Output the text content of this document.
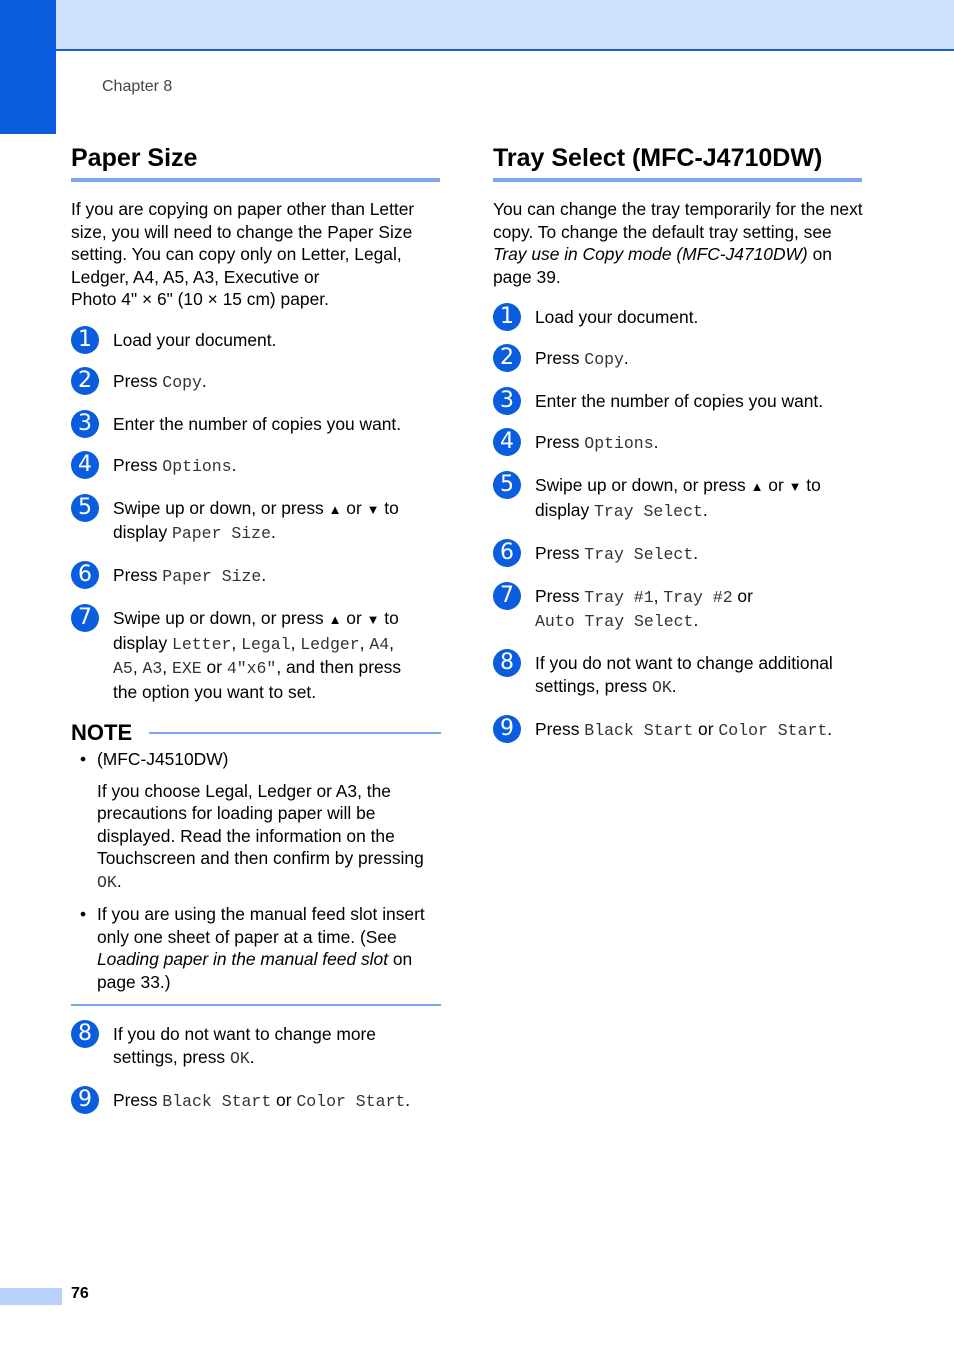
Chapter 8
Paper Size

If you are copying on paper other than Letter size, you will need to change the Paper Size setting. You can copy only on Letter, Legal, Ledger, A4, A5, A3, Executive or
Photo 4" × 6" (10 × 15 cm) paper.

1	Load your document.
2	Press Copy.
3	Enter the number of copies you want.
4	Press Options.
5	Swipe up or down, or press ▲ or ▼ to
display Paper Size.
6	Press Paper Size.
7	Swipe up or down, or press ▲ or ▼ to
display Letter, Legal, Ledger, A4,
A5, A3, EXE or 4"x6", and then press
the option you want to set.
NOTE
• (MFC-J4510DW)
If you choose Legal, Ledger or A3, the precautions for loading paper will be displayed. Read the information on the Touchscreen and then confirm by pressing OK.
• If you are using the manual feed slot insert only one sheet of paper at a time. (See Loading paper in the manual feed slot on page 33.)
8	If you do not want to change more
settings, press OK.
9	Press Black Start or Color Start.
Tray Select (MFC-J4710DW)

You can change the tray temporarily for the next copy. To change the default tray setting, see Tray use in Copy mode (MFC-J4710DW) on page 39.

1	Load your document.
2	Press Copy.
3	Enter the number of copies you want.
4	Press Options.
5	Swipe up or down, or press ▲ or ▼ to
display Tray Select.
6	Press Tray Select.
7	Press Tray #1, Tray #2 or
Auto Tray Select.
8	If you do not want to change additional
settings, press OK.
9	Press Black Start or Color Start.
76
